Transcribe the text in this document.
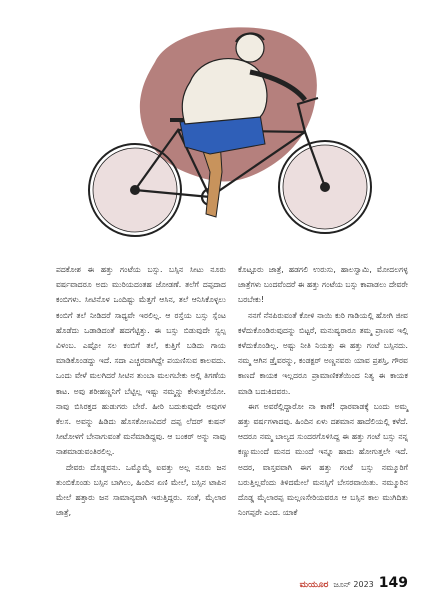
ಪದಕೋಶ ಈ ಹತ್ತು ಗಂಟೆಯ ಬಸ್ಸು. ಬಸ್ಸಿನ ಸೀಟು ನೂರು ವರ್ಷವಾದರೂ ಅದು ಮುರಿಯದಂತಹ ಜೋಡಣೆ. ತಲೆಗೆ ದಪ್ಪದಾದ ಕಂಬಿಗಳು. ಸೀಟಿನೊಳ ಒಂದಿಷ್ಟು ಮೆತ್ತಗೆ ಆಸಿನ, ತಲೆ ಆನಿಸಿಕೊಳ್ಳಲು ಕಂಬಿಗೆ ತಲೆ ನೀಡಿದರೆ ಸಾಧ್ಯವೇ ಇರಲಿಲ್ಲ. ಆ ರಸ್ತೆಯ ಬಸ್ಸು ಸ್ಸೆಂಟ ಹೊಡೆದು ಒಡಾಡಿದಂತೆ ಹದಗೆಟ್ಟಿತ್ತು. ಈ ಬಸ್ಸು ಬಿಡುವುದೇ ಸ್ವಲ್ಪ ವಿಳಂಬ. ಎಷ್ಟೋ ಸಲ ಕಂಬಿಗೆ ತಲೆ, ಕುತ್ತಿಗೆ ಬಡಿದು ಗಾಯ ಮಾಡಿಕೊಂಡದ್ದು ಇದೆ. ಸದಾ ಎಚ್ಚರವಾಗಿದ್ದೇ ಪಯಣಿಸುವ ಕಾಲವದು. ಒಂದು ವೇಳೆ ಮಲಗಿದರೆ ಸೀಟಿನ ತುಂಬಾ ಮಲಗಬೇಕು ಅಲ್ಲಿ ತಿಗಣೆಯ ಕಾಟ. ಅವು ಶರೀಹಣ್ಣನಿಗೆ ಬೆಟ್ಟಿಲ್ಲ ಇಷ್ಟು ನಮ್ಮನ್ನು ಕೇಳುತ್ತವೆಯೋ. ನಾವು ಬಿಸಿರಕ್ತದ ಹುಡುಗರು ಬೇರೆ. ಹೀರಿ ಬದುಕುವುದೇ ಅವುಗಳ ಕೆಲಸ. ಅವನ್ನು ಹಿಡಿದು ಹೊಸಕೋಣವಿದರೆ ದಪ್ಪ ಲೆದರ್ ಕುಷನ್ ಸೀಟೋಳಗೆ ಬೇನಾಗುವಂತೆ ಮನೆಮಾಡಿದ್ದವು. ಆ ಬಂಕರ್ ಅನ್ನು ನಾವು ನಾಶಮಾಡುವಂತಿರಲಿಲ್ಲ.

ದೇವರು ದೊಡ್ಡವನು. ಒಮ್ಮೊಮ್ಮೆ ಐವತ್ತು ಅಲ್ಲ ನೂರು ಜನ ತುಂಬಿಕೊಂಡು ಬಸ್ಸಿನ ಬಾಗಿಲು, ಹಿಂದಿನ ಏಣಿ ಮೇಲೆ, ಬಸ್ಸಿನ ಟಾಪಿನ ಮೇಲೆ ಹತ್ತಾರು ಜನ ಸಾಮಾನ್ಯವಾಗಿ ಇರುತ್ತಿದ್ದರು. ಸಂತೆ, ಮೈಲಾರ ಜಾತ್ರೆ,

ಕೊಟ್ಟೂರು ಜಾತ್ರೆ, ಹಡಗಲಿ ಉರುಸು, ಹಾಲಸ್ವಾಮಿ, ಮೋದಲಗಳ್ಳ ಜಾತ್ರೆಗಳು ಬಂದವೆಂದರೆ ಈ ಹತ್ತು ಗಂಟೆಯ ಬಸ್ಸು ಕಾಪಾಡಲು ದೇವರೇ ಬರಬೇಕು!

ನನಗೆ ನೆನಪಿರುವಂತೆ ಕೋಳಿ ನಾಯಿ ಕುರಿ ಗಾಡಿಯಲ್ಲಿ ಹೋಗಿ ಜೀವ ಕಳೆದುಕೊಂಡಿರುವುದನ್ನು ಬಿಟ್ಟರೆ, ಮನುಷ್ಯರಾರೂ ತಮ್ಮ ಪ್ರಾಣವ ಇಲ್ಲಿ ಕಳೆದುಕೊಂಡಿಲ್ಲ. ಅಷ್ಟು ನೀತಿ ನಿಯತ್ತು ಈ ಹತ್ತು ಗಂಟೆ ಬಸ್ಸಿನದು. ನಮ್ಮ ಆಗಿನ ಡ್ರೈವರನ್ನು, ಕಂಡಕ್ಟರ್ ಅಣ್ಣನವರು ಯಾವ ಪ್ರಶಸ್ತಿ, ಗೌರವ ಕಾಣದೆ ಕಾಯಕ ಇಲ್ಲದರೂ ಪ್ರಾಮಾಣಿಕತೆಯಿಂದ ನಿತ್ಯ ಈ ಕಾಯಕ ಮಾಡಿ ಬದುಕಿದವರು.

ಈಗ ಅವರೆಲ್ಲಿದ್ದಾರೋ ನಾ ಕಾಣೆ! ಧಾರವಾಡಕ್ಕೆ ಬಂದು ಅಮ್ಮ ಹತ್ತು ವರ್ಷಗಳಾದವು. ಹಿಂದಿನ ಏಳು ದಶಮಾನ ಹಾದೆಲಿಯಲ್ಲಿ ಕಳೆದೆ. ಆದರೂ ನಮ್ಮ ಬಾಲ್ಯದ ಸುಂದರಗೊಳಿಸಿದ್ದ ಈ ಹತ್ತು ಗಂಟೆ ಬಸ್ಸು ನನ್ನ ಕಣ್ಣುಮುಂದೆ ಮನದ ಮುಂದೆ ಇನ್ನೂ ಹಾದು ಹೋಗುತ್ತಲೇ ಇದೆ. ಅದರ, ವಾಸ್ತವವಾಗಿ ಈಗ ಹತ್ತು ಗಂಟೆ ಬಸ್ಸು ನಮ್ಮೂರಿಗೆ ಬರುತ್ತಿಲ್ಲವೆಂದು ತಿಳಿದಮೇಲೆ ಮನಸ್ಸಿಗೆ ಬೇಸರವಾಯಿತು. ನಮ್ಮೂರಿನ ದೊಡ್ಡ ಮೈಲಾರಪ್ಪ ಮಲ್ಲಣಸೇರಿಯವರೂ ಆ ಬಸ್ಸಿನ ಕಾಲ ಮುಗಿದಿತು ನಿಂಗಪ್ಪರೇ ಎಂದ. ಯಾಕೆ

ಮಯೂರ ಜೂನ್ 2023 149
